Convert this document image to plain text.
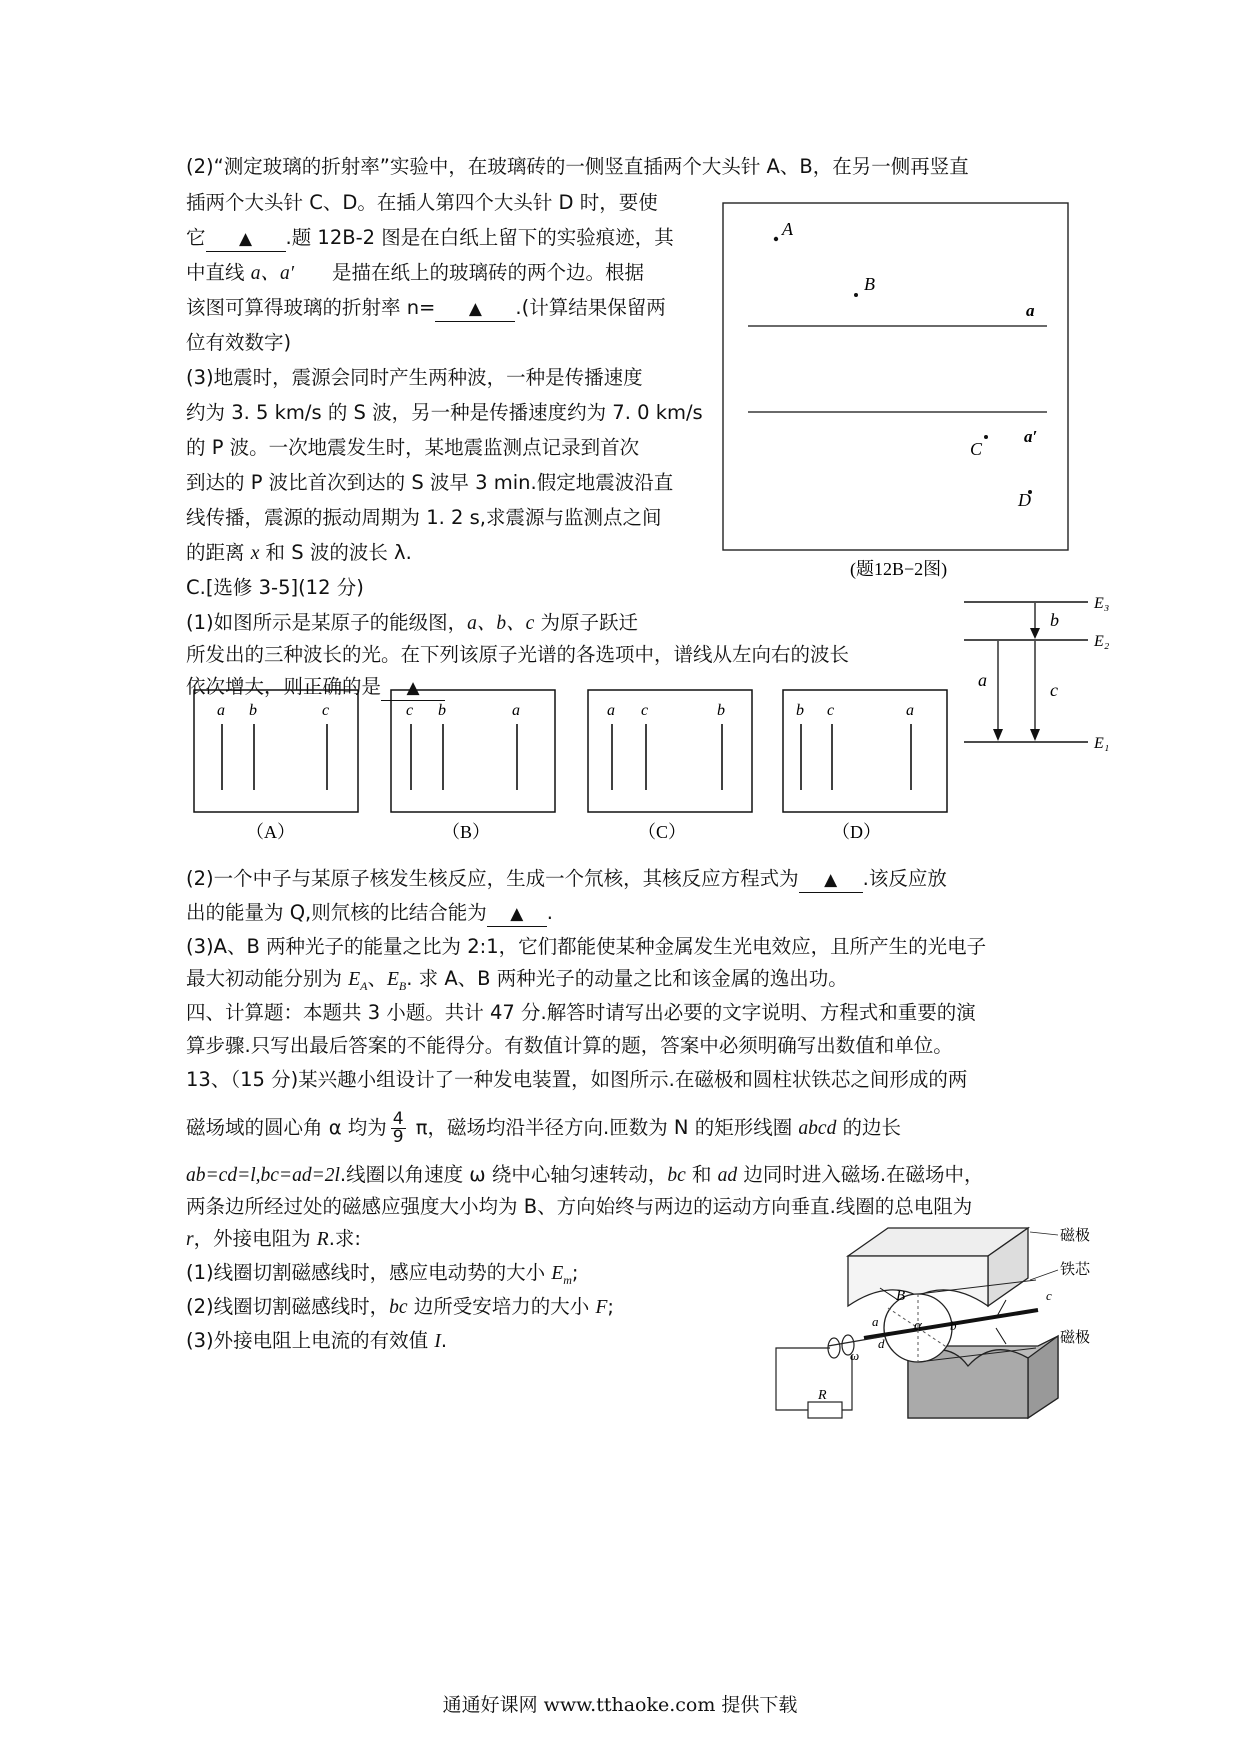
(2)“测定玻璃的折射率”实验中，在玻璃砖的一侧竖直插两个大头针 A、B，在另一侧再竖直
插两个大头针 C、D。在插人第四个大头针 D 时，要使
它 ▲ .题 12B-2 图是在白纸上留下的实验痕迹，其
中直线 a、a′ 是描在纸上的玻璃砖的两个边。根据
该图可算得玻璃的折射率 n= ▲ .(计算结果保留两
位有效数字)
(3)地震时，震源会同时产生两种波，一种是传播速度
约为 3. 5 km/s 的 S 波，另一种是传播速度约为 7. 0 km/s
的 P 波。一次地震发生时，某地震监测点记录到首次
到达的 P 波比首次到达的 S 波早 3 min.假定地震波沿直
线传播，震源的振动周期为 1. 2 s,求震源与监测点之间
的距离 x 和 S 波的波长 λ.
A
B
a
C
a′
D
(题12B−2图)
C.[选修 3-5](12 分)
(1)如图所示是某原子的能级图，a、b、c 为原子跃迁
所发出的三种波长的光。在下列该原子光谱的各选项中，谱线从左向右的波长
依次增大，则正确的是 ▲
E₃
E₂
E₁
b
a	c
a b	c
（A）
c b	a
（B）
a c	b
（C）
b c	a
（D）
(2)一个中子与某原子核发生核反应，生成一个氘核，其核反应方程式为 ▲ .该反应放
出的能量为 Q,则氘核的比结合能为 ▲ .
(3)A、B 两种光子的能量之比为 2:1，它们都能使某种金属发生光电效应，且所产生的光电子
最大初动能分别为 $E_A$、$E_B$. 求 A、B 两种光子的动量之比和该金属的逸出功。
四、计算题：本题共 3 小题。共计 47 分.解答时请写出必要的文字说明、方程式和重要的演
算步骤.只写出最后答案的不能得分。有数值计算的题，答案中必须明确写出数值和单位。
13、（15 分)某兴趣小组设计了一种发电装置，如图所示.在磁极和圆柱状铁芯之间形成的两
磁场域的圆心角 α 均为 $\frac{4}{9}$ π，磁场均沿半径方向.匝数为 N 的矩形线圈 abcd 的边长
ab=cd=l,bc=ad=2l.线圈以角速度 ω 绕中心轴匀速转动，bc 和 ad 边同时进入磁场.在磁场中，
两条边所经过处的磁感应强度大小均为 B、方向始终与两边的运动方向垂直.线圈的总电阻为
r，外接电阻为 R.求:
(1)线圈切割磁感线时，感应电动势的大小 $E_m$;
(2)线圈切割磁感线时，bc 边所受安培力的大小 F;
(3)外接电阻上电流的有效值 I.
磁极
铁芯
磁极
B
a α b
c
d
ω
R
通通好课网 www.tthaoke.com 提供下载
